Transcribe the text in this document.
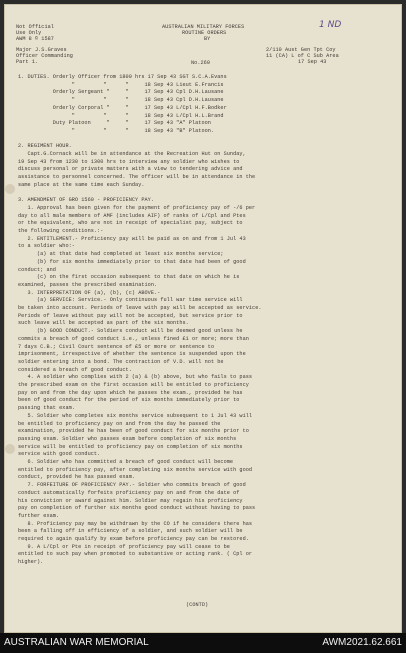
Not Official
Use Only
AWM 8 © 1587
AUSTRALIAN MILITARY FORCES
ROUTINE ORDERS
BY
1 ND
Major J.S.Graves
Officer Commanding
Part 1.
2/110 Aust Gen Tpt Coy
11 (CA) L of C Sub Area
17 Sep 43
No.260
1. DUTIES. Orderly Officer from 1800 hrs 17 Sep 43 SGT S.C.A.Evans
"         "      "     18 Sep 43 Lieut E.Francis
Orderly Sergeant "     "     17 Sep 43 Cpl D.H.Lausane
"         "      "     18 Sep 43 Cpl D.H.Lausane
Orderly Corporal "     "     17 Sep 43 L/Cpl H.F.Bodker
"         "      "     18 Sep 43 L/Cpl H.L.Brand
Duty Platoon     "     "     17 Sep 43 "A" Platoon
"         "      "     18 Sep 43 "B" Platoon.
2. REGIMENT HOUR.
Capt.G.Cornack will be in attendance at the Recreation Hut on Sunday,
19 Sep 43 from 1230 to 1300 hrs to interview any soldier who wishes to
discuss personal or private matters with a view to tendering advice and
assistance to personnel concerned. The officer will be in attendance in the
same place at the same time each Sunday.
3. AMENDMENT OF GRO 1560 - PROFICIENCY PAY.
1. Approval has been given for the payment of proficiency pay of -/6 per
day to all male members of AMF (includes AIF) of ranks of L/Cpl and Ptes
or the equivalent, who are not in receipt of specialist pay, subject to
the following conditions.:-
2. ENTITLEMENT.- Proficiency pay will be paid as on and from 1 Jul 43
to a soldier who:-
(a) at that date had completed at least six months service;
(b) for six months immediately prior to that date had been of good
conduct; and
(c) on the first occasion subsequent to that date on which he is
examined, passes the prescribed examination.
3. INTERPRETATION OF (a), (b), (c) ABOVE.-
(a) SERVICE: Service.- Only continuous full war time service will
be taken into account. Periods of leave with pay will be accepted as service.
Periods of leave without pay will not be accepted, but service prior to
such leave will be accepted as part of the six months.
(b) GOOD CONDUCT.- Soldiers conduct will be deemed good unless he
commits a breach of good conduct i.e., unless fined £1 or more; more than
7 days C.B.; Civil Court sentence of £5 or more or sentence to
imprisonment, irrespective of whether the sentence is suspended upon the
soldier entering into a bond. The contraction of V.D. will not be
considered a breach of good conduct.
4. A soldier who complies with 2 (a) & (b) above, but who fails to pass
the prescribed exam on the first occasion will be entitled to proficiency
pay on and from the day upon which he passes the exam., provided he has
been of good conduct for the period of six months immediately prior to
passing that exam.
5. Soldier who completes six months service subsequent to 1 Jul 43 will
be entitled to proficiency pay on and from the day he passed the
examination, provided he has been of good conduct for six months prior to
passing exam. Soldier who passes exam before completion of six months
service will be entitled to proficiency pay on completion of six months
service with good conduct.
6. Soldier who has committed a breach of good conduct will become
entitled to proficiency pay, after completing six months service with good
conduct, provided he has passed exam.
7. FORFEITURE OF PROFICIENCY PAY.- Soldier who commits breach of good
conduct automatically forfeits proficiency pay on and from the date of
his conviction or award against him. Soldier may regain his proficiency
pay on completion of further six months good conduct without having to pass
further exam.
8. Proficiency pay may be withdrawn by the CO if he considers there has
been a falling off in efficiency of a soldier, and such soldier will be
required to again qualify by exam before proficiency pay can be restored.
9. A L/Cpl or Pte in receipt of proficiency pay will cease to be
entitled to such pay when promoted to substantive or acting rank. ( Cpl or
higher).
(CONTD)
AUSTRALIAN WAR MEMORIAL	AWM2021.62.661
